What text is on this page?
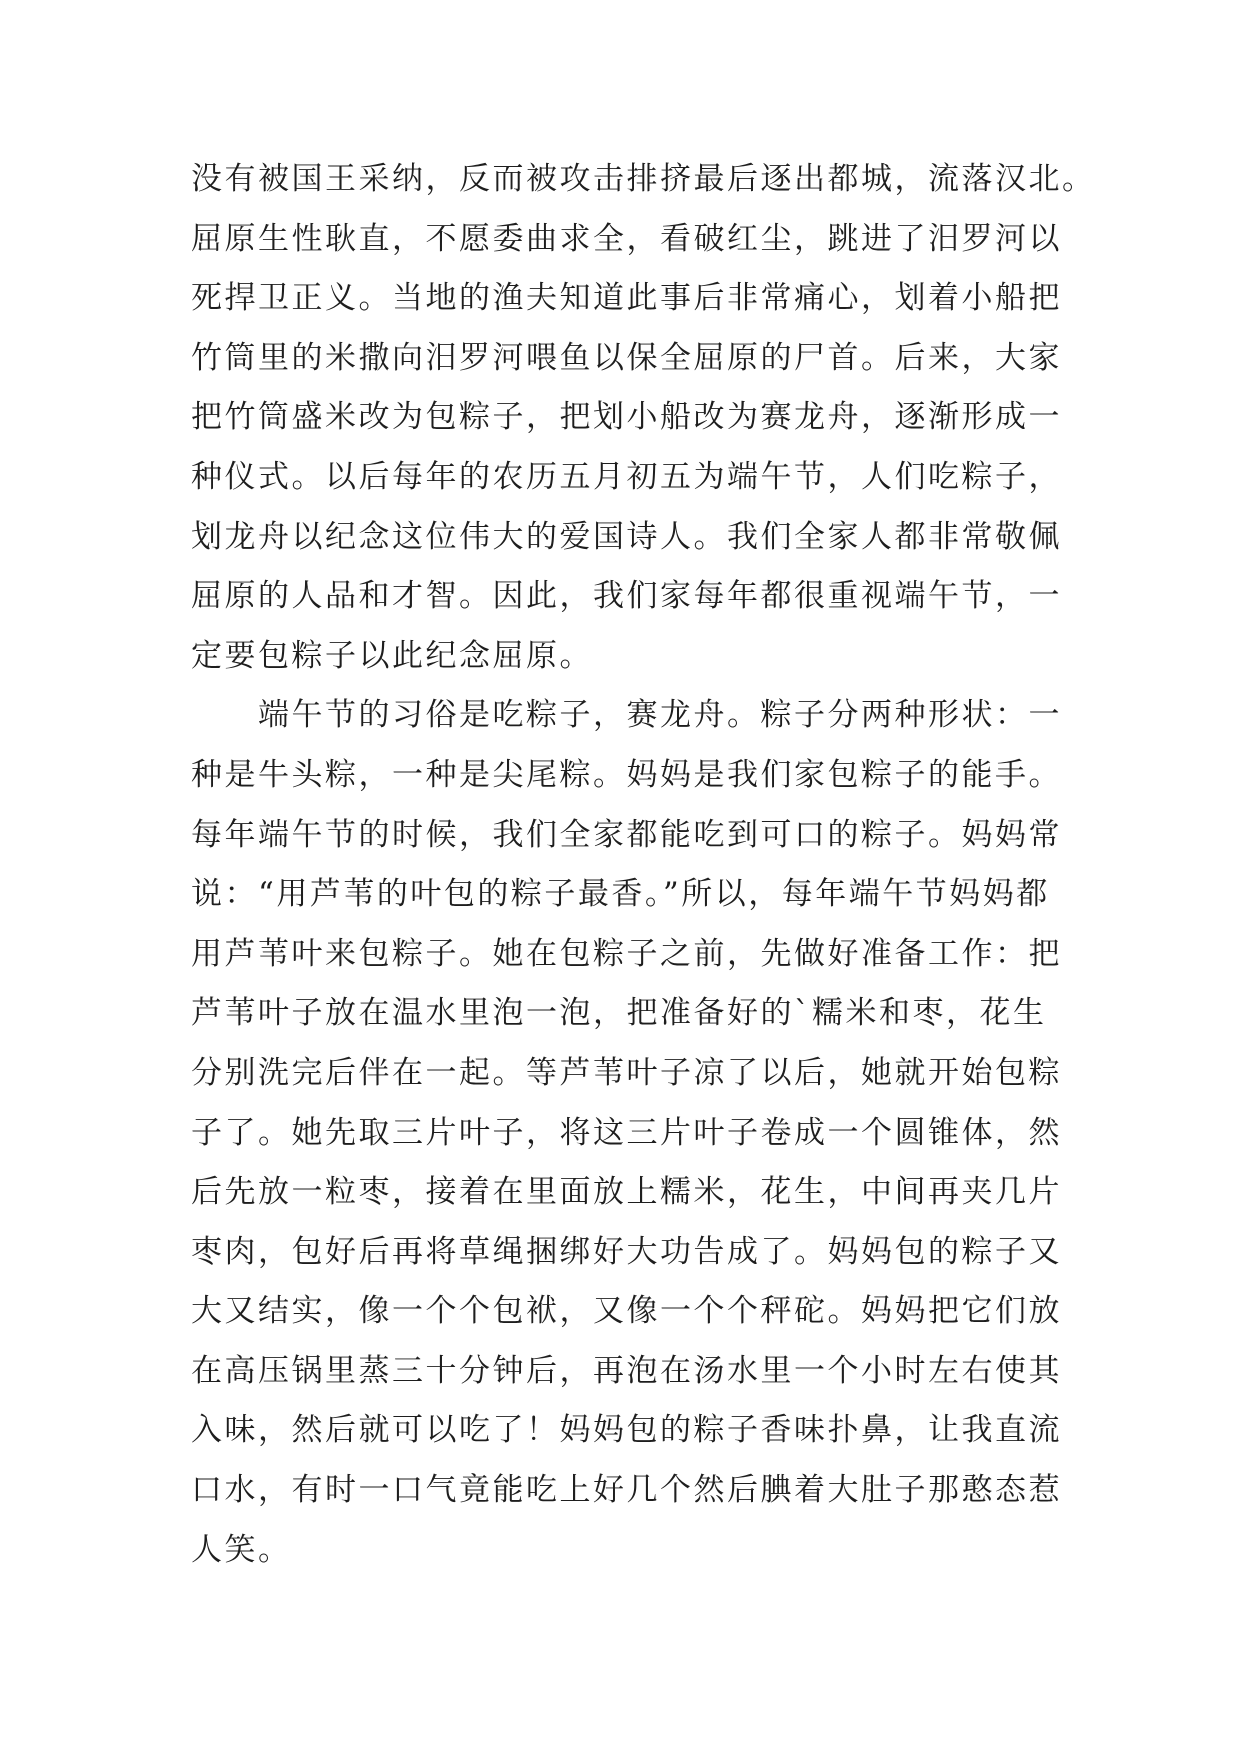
没有被国王采纳，反而被攻击排挤最后逐出都城，流落汉北。
屈原生性耿直，不愿委曲求全，看破红尘，跳进了汨罗河以
死捍卫正义。当地的渔夫知道此事后非常痛心，划着小船把
竹筒里的米撒向汨罗河喂鱼以保全屈原的尸首。后来，大家
把竹筒盛米改为包粽子，把划小船改为赛龙舟，逐渐形成一
种仪式。以后每年的农历五月初五为端午节，人们吃粽子，
划龙舟以纪念这位伟大的爱国诗人。我们全家人都非常敬佩
屈原的人品和才智。因此，我们家每年都很重视端午节，一
定要包粽子以此纪念屈原。
　　端午节的习俗是吃粽子，赛龙舟。粽子分两种形状：一
种是牛头粽，一种是尖尾粽。妈妈是我们家包粽子的能手。
每年端午节的时候，我们全家都能吃到可口的粽子。妈妈常
说：“用芦苇的叶包的粽子最香。”所以，每年端午节妈妈都
用芦苇叶来包粽子。她在包粽子之前，先做好准备工作：把
芦苇叶子放在温水里泡一泡，把准备好的`糯米和枣，花生
分别洗完后伴在一起。等芦苇叶子凉了以后，她就开始包粽
子了。她先取三片叶子，将这三片叶子卷成一个圆锥体，然
后先放一粒枣，接着在里面放上糯米，花生，中间再夹几片
枣肉，包好后再将草绳捆绑好大功告成了。妈妈包的粽子又
大又结实，像一个个包袱，又像一个个秤砣。妈妈把它们放
在高压锅里蒸三十分钟后，再泡在汤水里一个小时左右使其
入味，然后就可以吃了！妈妈包的粽子香味扑鼻，让我直流
口水，有时一口气竟能吃上好几个然后腆着大肚子那憨态惹
人笑。
